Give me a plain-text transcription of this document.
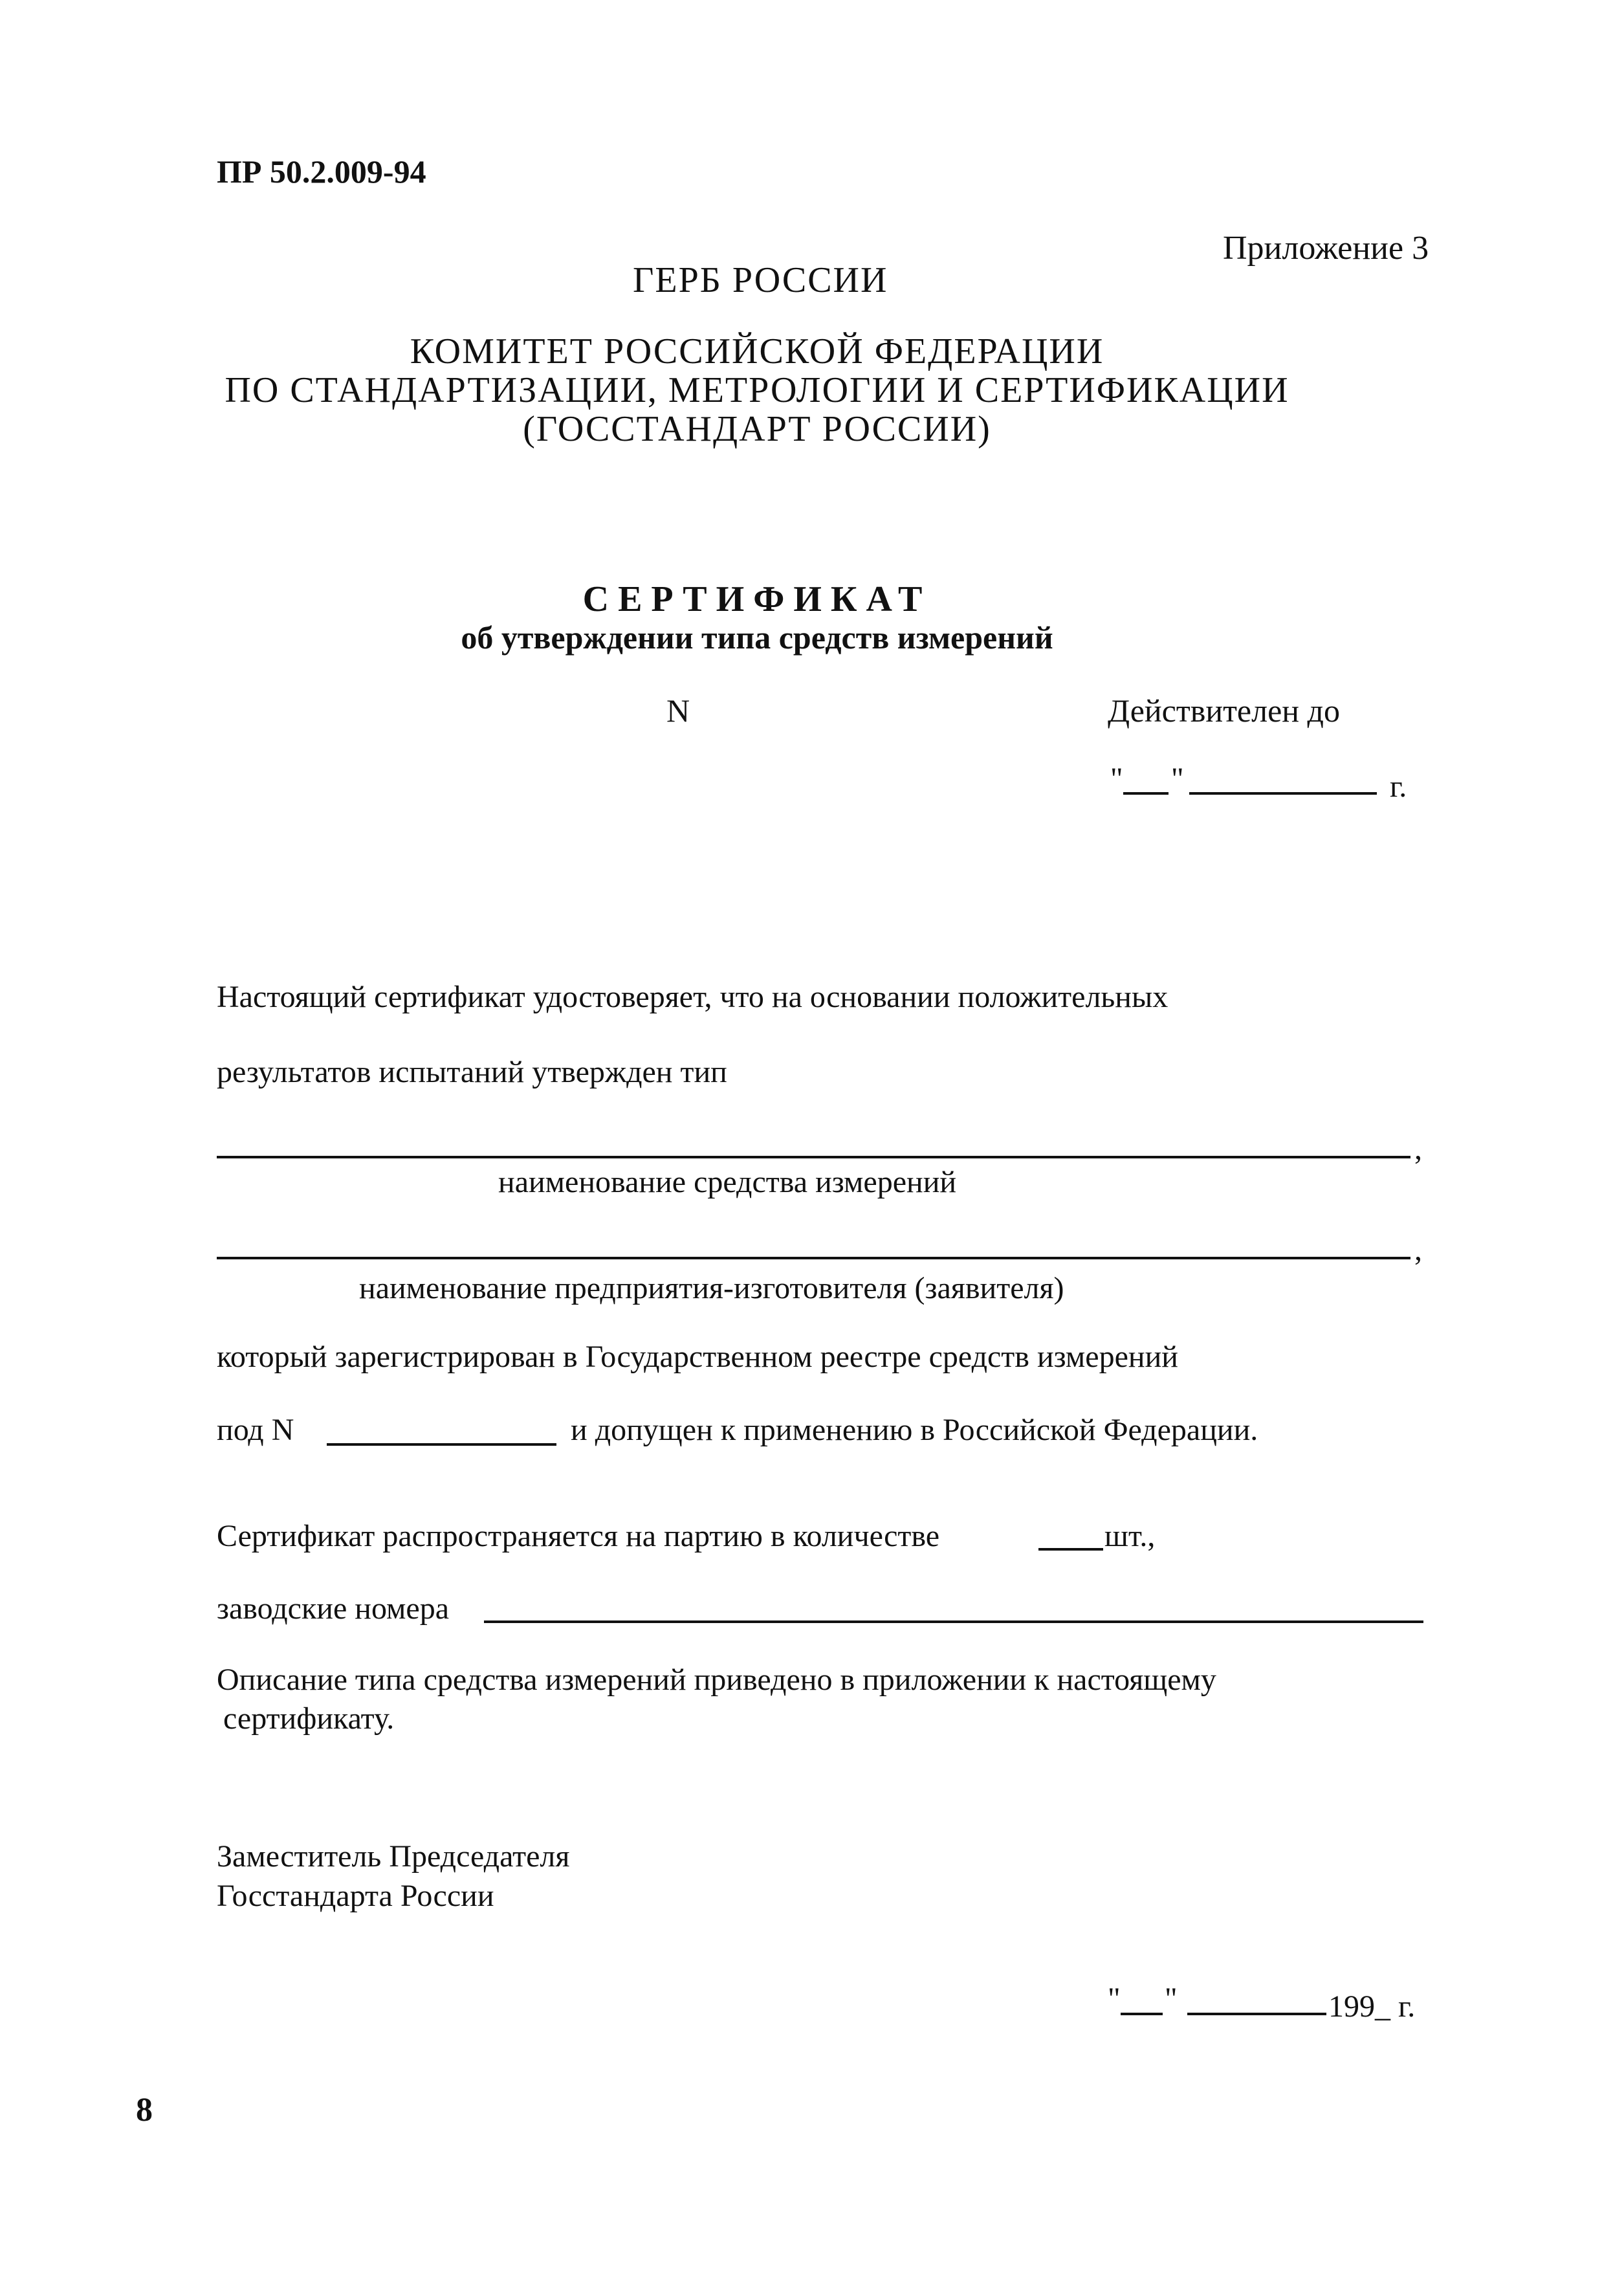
ПР 50.2.009-94
Приложение 3
ГЕРБ РОССИИ
КОМИТЕТ РОССИЙСКОЙ ФЕДЕРАЦИИ
ПО СТАНДАРТИЗАЦИИ, МЕТРОЛОГИИ И СЕРТИФИКАЦИИ
(ГОССТАНДАРТ РОССИИ)
СЕРТИФИКАТ
об утверждении типа средств измерений
N	Действителен до
" "	г.
Настоящий сертификат удостоверяет, что на основании положительных
результатов испытаний утвержден тип
,
наименование средства измерений
,
наименование предприятия-изготовителя (заявителя)
который зарегистрирован в Государственном реестре средств измерений
под N	и допущен к применению в Российской Федерации.
Сертификат распространяется на партию в количестве	шт.,
заводские номера
Описание типа средства измерений приведено в приложении к настоящему
сертификату.
Заместитель Председателя
Госстандарта России
" "	199_ г.
8
